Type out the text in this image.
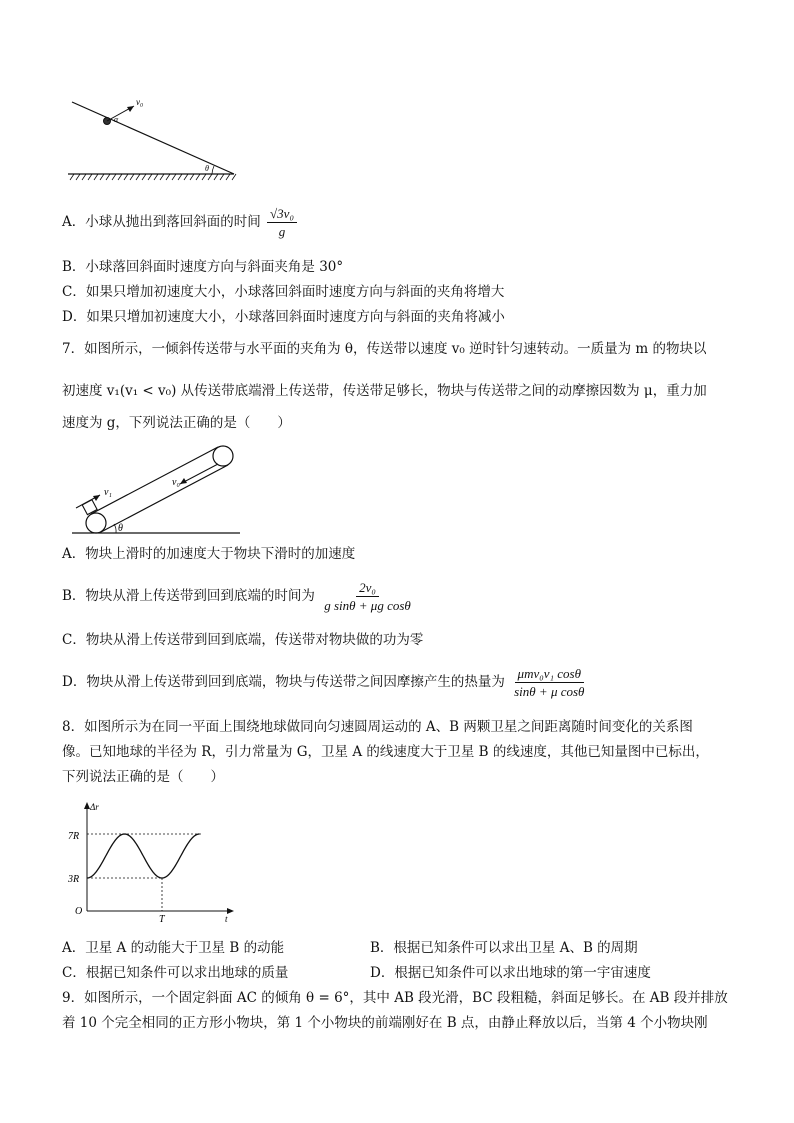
v₀
α
θ
A．小球从抛出到落回斜面的时间 $\frac{\text{√3v₀}}{g}$
B．小球落回斜面时速度方向与斜面夹角是 30°
C．如果只增加初速度大小，小球落回斜面时速度方向与斜面的夹角将增大
D．如果只增加初速度大小，小球落回斜面时速度方向与斜面的夹角将减小
7．如图所示，一倾斜传送带与水平面的夹角为 θ，传送带以速度 v₀ 逆时针匀速转动。一质量为 m 的物块以
初速度 v₁(v₁ < v₀) 从传送带底端滑上传送带，传送带足够长，物块与传送带之间的动摩擦因数为 μ，重力加
速度为 g，下列说法正确的是（　　）
v₁
v₀
θ
A．物块上滑时的加速度大于物块下滑时的加速度
B．物块从滑上传送带到回到底端的时间为 $\frac{\text{2v₀}}{\text{g sinθ + μg cosθ}}$
C．物块从滑上传送带到回到底端，传送带对物块做的功为零
D．物块从滑上传送带到回到底端，物块与传送带之间因摩擦产生的热量为 $\frac{\text{μmv₀v₁ cosθ}}{\text{sinθ + μ cosθ}}$
8．如图所示为在同一平面上围绕地球做同向匀速圆周运动的 A、B 两颗卫星之间距离随时间变化的关系图
像。已知地球的半径为 R，引力常量为 G，卫星 A 的线速度大于卫星 B 的线速度，其他已知量图中已标出，
下列说法正确的是（　　）
Δr
t
7R
3R
O
T
A．卫星 A 的动能大于卫星 B 的动能	B．根据已知条件可以求出卫星 A、B 的周期
C．根据已知条件可以求出地球的质量	D．根据已知条件可以求出地球的第一宇宙速度
9．如图所示，一个固定斜面 AC 的倾角 θ = 6°，其中 AB 段光滑，BC 段粗糙，斜面足够长。在 AB 段并排放
着 10 个完全相同的正方形小物块，第 1 个小物块的前端刚好在 B 点，由静止释放以后，当第 4 个小物块刚
